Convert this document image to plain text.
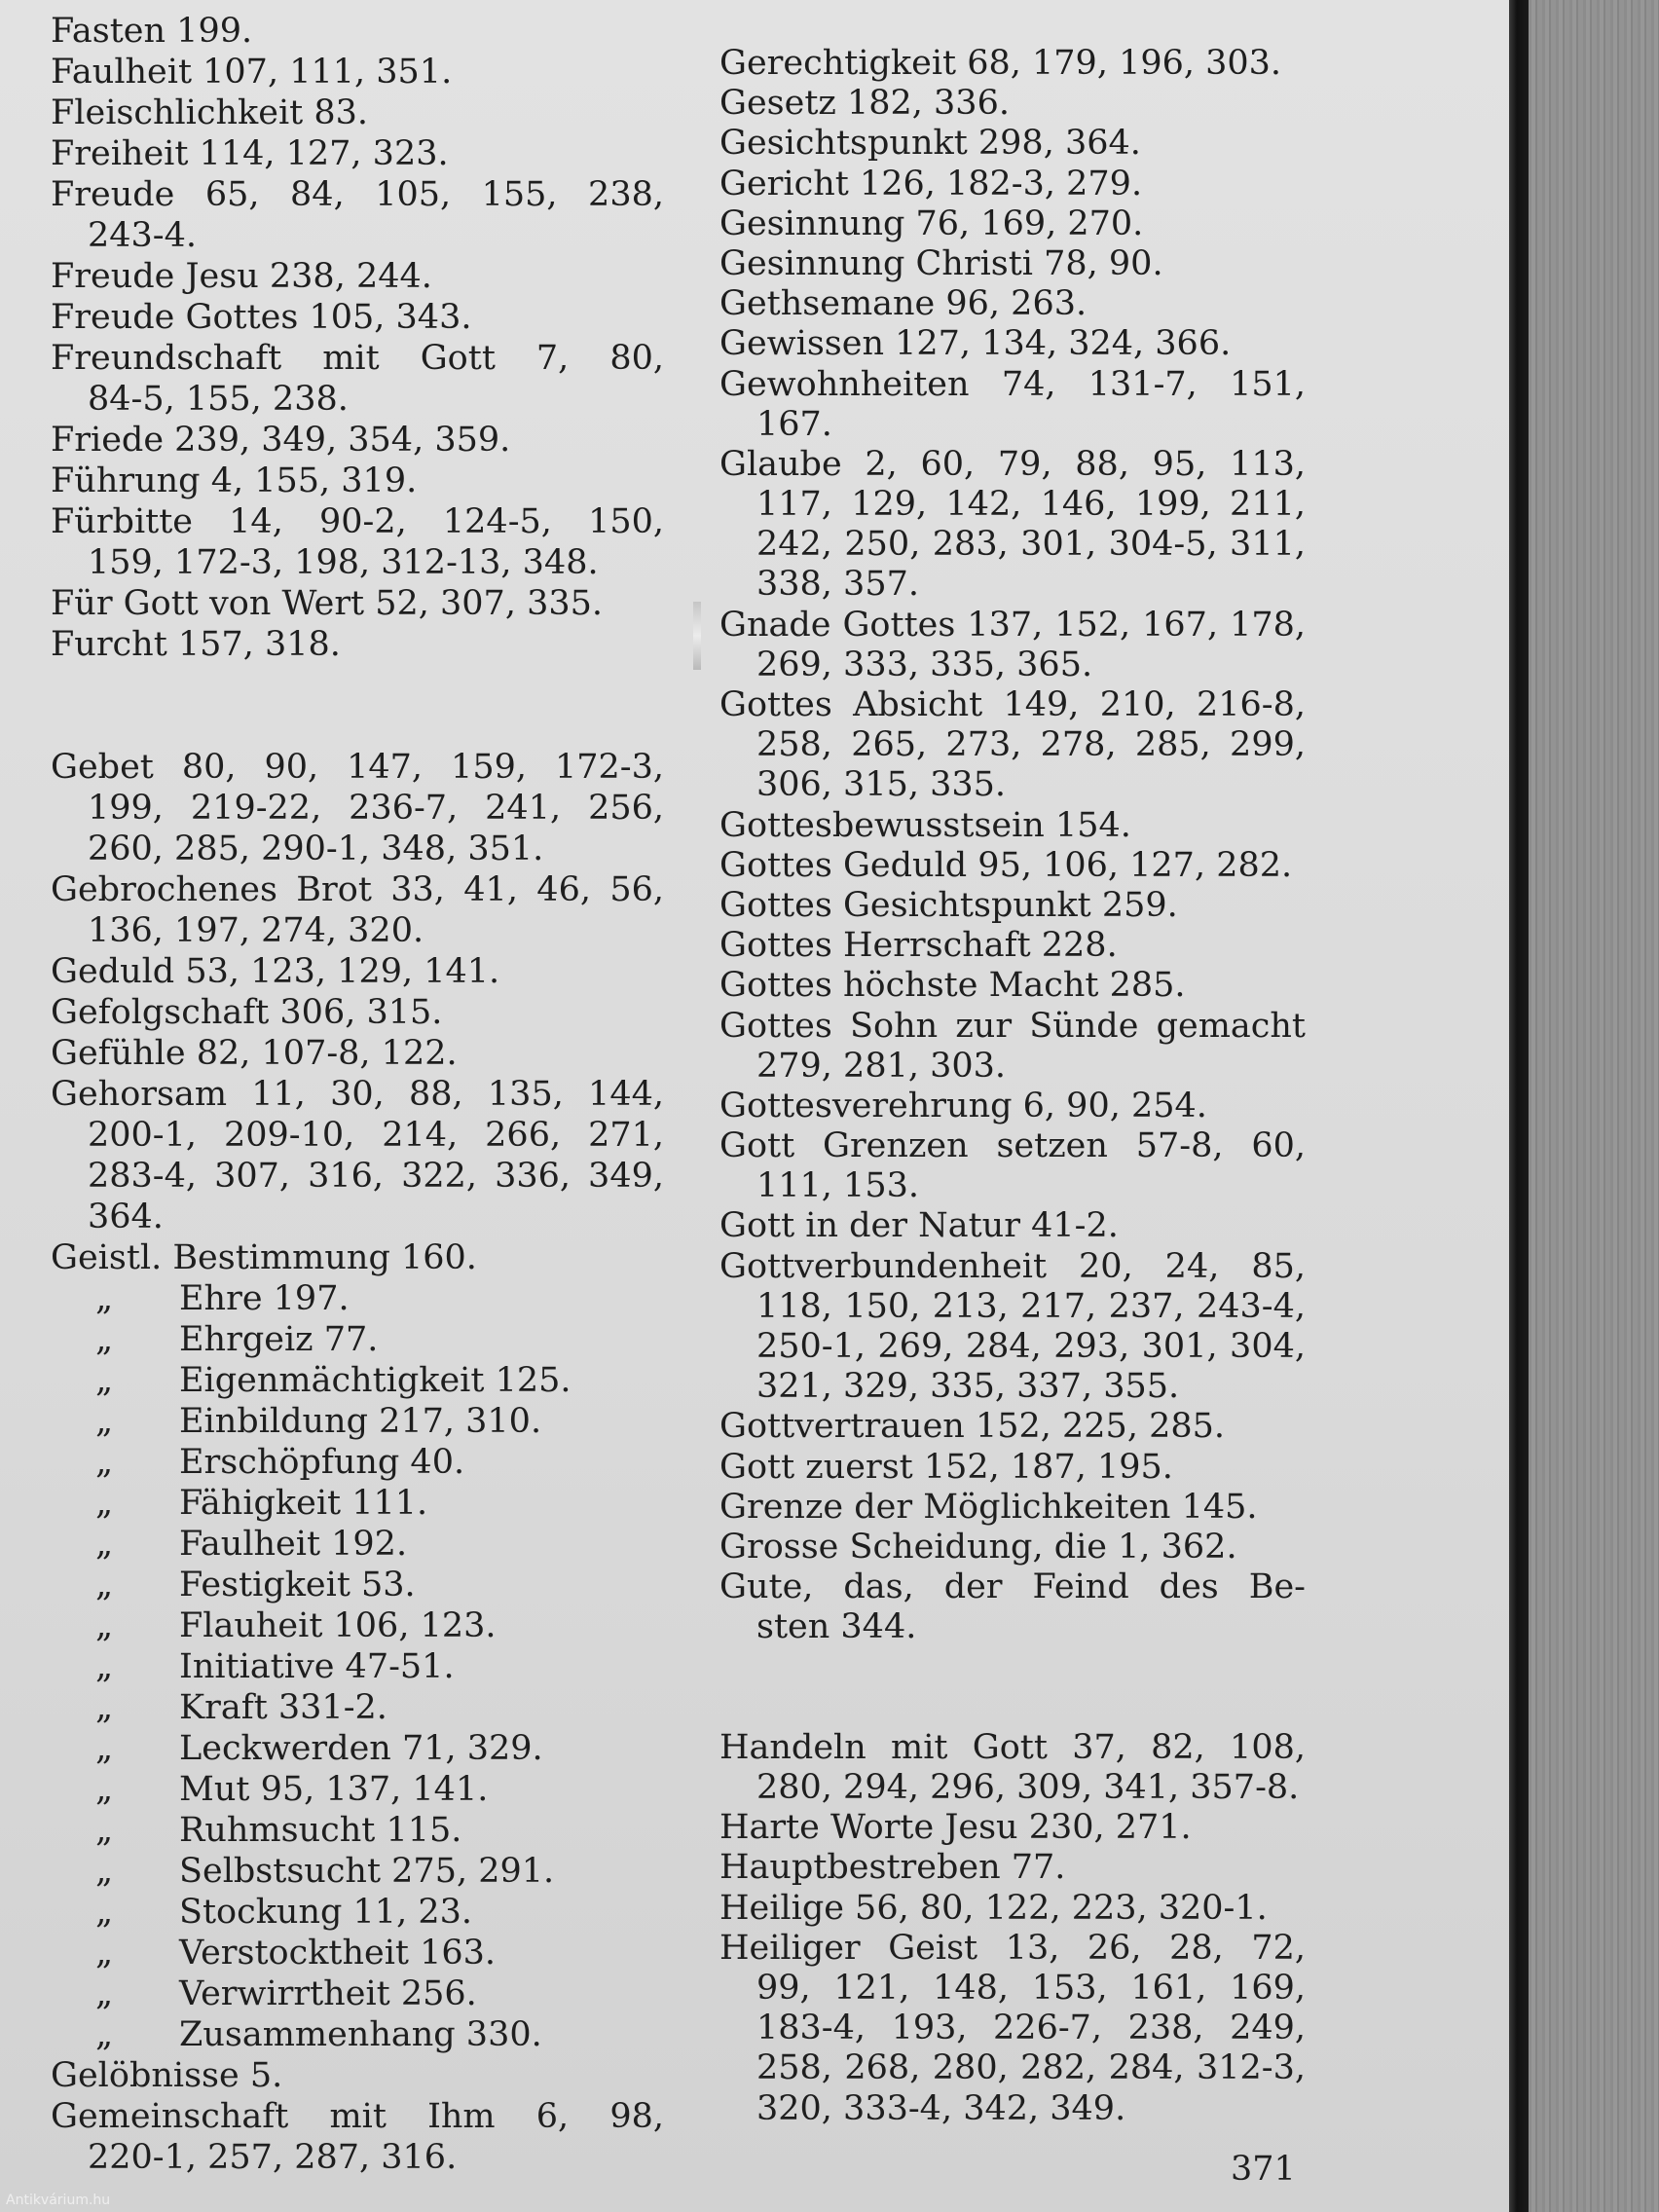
Fasten 199.
Faulheit 107, 111, 351.
Fleischlichkeit 83.
Freiheit 114, 127, 323.
Freude 65, 84, 105, 155, 238,
243-4.
Freude Jesu 238, 244.
Freude Gottes 105, 343.
Freundschaft mit Gott 7, 80,
84-5, 155, 238.
Friede 239, 349, 354, 359.
Führung 4, 155, 319.
Fürbitte 14, 90-2, 124-5, 150,
159, 172-3, 198, 312-13, 348.
Für Gott von Wert 52, 307, 335.
Furcht 157, 318.
Gebet 80, 90, 147, 159, 172-3,
199, 219-22, 236-7, 241, 256,
260, 285, 290-1, 348, 351.
Gebrochenes Brot 33, 41, 46, 56,
136, 197, 274, 320.
Geduld 53, 123, 129, 141.
Gefolgschaft 306, 315.
Gefühle 82, 107-8, 122.
Gehorsam 11, 30, 88, 135, 144,
200-1, 209-10, 214, 266, 271,
283-4, 307, 316, 322, 336, 349,
364.
Geistl. Bestimmung 160.
„ Ehre 197.
„ Ehrgeiz 77.
„ Eigenmächtigkeit 125.
„ Einbildung 217, 310.
„ Erschöpfung 40.
„ Fähigkeit 111.
„ Faulheit 192.
„ Festigkeit 53.
„ Flauheit 106, 123.
„ Initiative 47-51.
„ Kraft 331-2.
„ Leckwerden 71, 329.
„ Mut 95, 137, 141.
„ Ruhmsucht 115.
„ Selbstsucht 275, 291.
„ Stockung 11, 23.
„ Verstocktheit 163.
„ Verwirrtheit 256.
„ Zusammenhang 330.
Gelöbnisse 5.
Gemeinschaft mit Ihm 6, 98,
220-1, 257, 287, 316.
Gerechtigkeit 68, 179, 196, 303.
Gesetz 182, 336.
Gesichtspunkt 298, 364.
Gericht 126, 182-3, 279.
Gesinnung 76, 169, 270.
Gesinnung Christi 78, 90.
Gethsemane 96, 263.
Gewissen 127, 134, 324, 366.
Gewohnheiten 74, 131-7, 151,
167.
Glaube 2, 60, 79, 88, 95, 113,
117, 129, 142, 146, 199, 211,
242, 250, 283, 301, 304-5, 311,
338, 357.
Gnade Gottes 137, 152, 167, 178,
269, 333, 335, 365.
Gottes Absicht 149, 210, 216-8,
258, 265, 273, 278, 285, 299,
306, 315, 335.
Gottesbewusstsein 154.
Gottes Geduld 95, 106, 127, 282.
Gottes Gesichtspunkt 259.
Gottes Herrschaft 228.
Gottes höchste Macht 285.
Gottes Sohn zur Sünde gemacht
279, 281, 303.
Gottesverehrung 6, 90, 254.
Gott Grenzen setzen 57-8, 60,
111, 153.
Gott in der Natur 41-2.
Gottverbundenheit 20, 24, 85,
118, 150, 213, 217, 237, 243-4,
250-1, 269, 284, 293, 301, 304,
321, 329, 335, 337, 355.
Gottvertrauen 152, 225, 285.
Gott zuerst 152, 187, 195.
Grenze der Möglichkeiten 145.
Grosse Scheidung, die 1, 362.
Gute, das, der Feind des Be-
sten 344.
Handeln mit Gott 37, 82, 108,
280, 294, 296, 309, 341, 357-8.
Harte Worte Jesu 230, 271.
Hauptbestreben 77.
Heilige 56, 80, 122, 223, 320-1.
Heiliger Geist 13, 26, 28, 72,
99, 121, 148, 153, 161, 169,
183-4, 193, 226-7, 238, 249,
258, 268, 280, 282, 284, 312-3,
320, 333-4, 342, 349.
371
Antikvárium.hu
